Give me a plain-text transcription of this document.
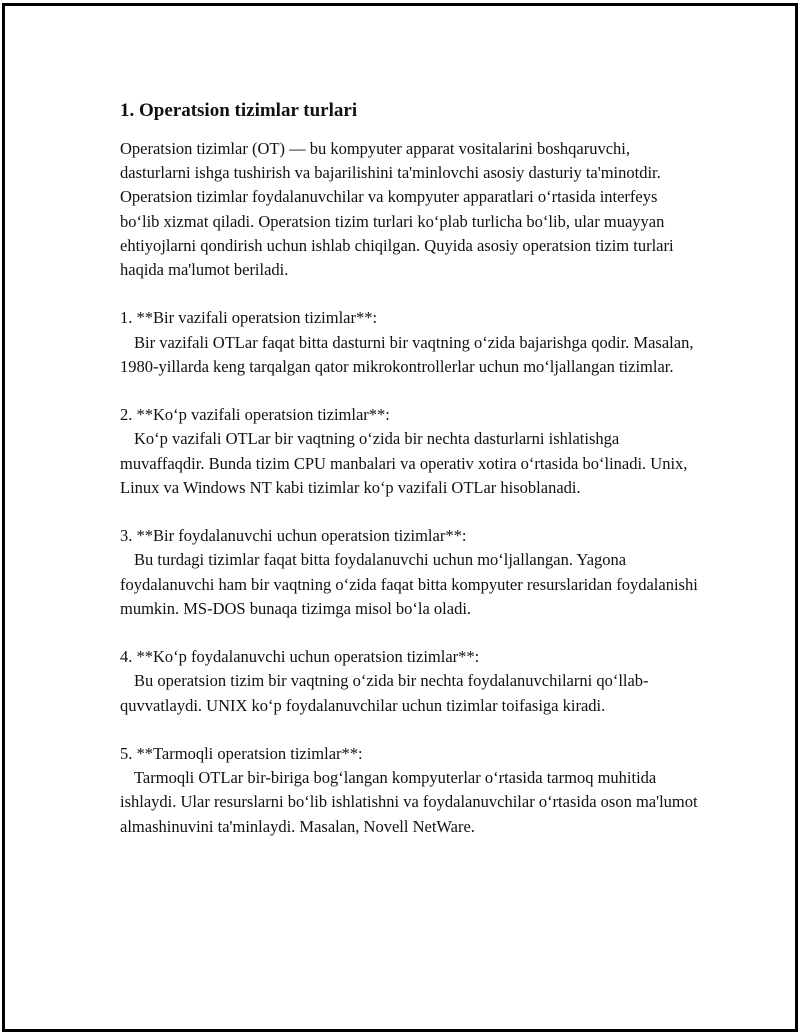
1. Operatsion tizimlar turlari

Operatsion tizimlar (OT) — bu kompyuter apparat vositalarini boshqaruvchi, dasturlarni ishga tushirish va bajarilishini ta'minlovchi asosiy dasturiy ta'minotdir. Operatsion tizimlar foydalanuvchilar va kompyuter apparatlari oʻrtasida interfeys boʻlib xizmat qiladi. Operatsion tizim turlari koʻplab turlicha boʻlib, ular muayyan ehtiyojlarni qondirish uchun ishlab chiqilgan. Quyida asosiy operatsion tizim turlari haqida ma'lumot beriladi.

1. **Bir vazifali operatsion tizimlar**:
Bir vazifali OTLar faqat bitta dasturni bir vaqtning oʻzida bajarishga qodir. Masalan, 1980-yillarda keng tarqalgan qator mikrokontrollerlar uchun moʻljallangan tizimlar.
2. **Koʻp vazifali operatsion tizimlar**:
Koʻp vazifali OTLar bir vaqtning oʻzida bir nechta dasturlarni ishlatishga muvaffaqdir. Bunda tizim CPU manbalari va operativ xotira oʻrtasida boʻlinadi. Unix, Linux va Windows NT kabi tizimlar koʻp vazifali OTLar hisoblanadi.
3. **Bir foydalanuvchi uchun operatsion tizimlar**:
Bu turdagi tizimlar faqat bitta foydalanuvchi uchun moʻljallangan. Yagona foydalanuvchi ham bir vaqtning oʻzida faqat bitta kompyuter resurslaridan foydalanishi mumkin. MS-DOS bunaqa tizimga misol boʻla oladi.
4. **Koʻp foydalanuvchi uchun operatsion tizimlar**:
Bu operatsion tizim bir vaqtning oʻzida bir nechta foydalanuvchilarni qoʻllab-quvvatlaydi. UNIX koʻp foydalanuvchilar uchun tizimlar toifasiga kiradi.
5. **Tarmoqli operatsion tizimlar**:
Tarmoqli OTLar bir-biriga bogʻlangan kompyuterlar oʻrtasida tarmoq muhitida ishlaydi. Ular resurslarni boʻlib ishlatishni va foydalanuvchilar oʻrtasida oson ma'lumot almashinuvini ta'minlaydi. Masalan, Novell NetWare.
